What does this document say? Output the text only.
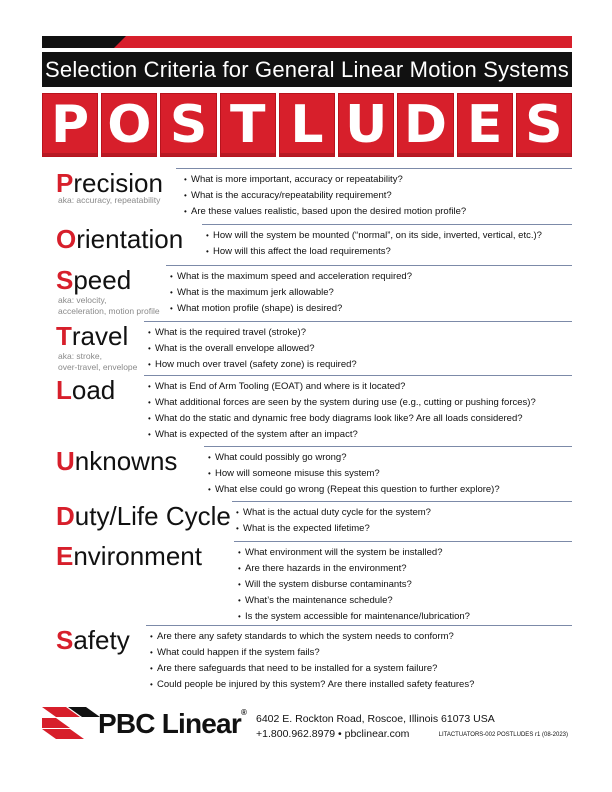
Selection Criteria for General Linear Motion Systems
P O S T L U D E S
Precision
aka: accuracy, repeatability
• What is more important, accuracy or repeatability?
• What is the accuracy/repeatability requirement?
• Are these values realistic, based upon the desired motion profile?
Orientation	• How will the system be mounted (“normal”, on its side, inverted, vertical, etc.)?
• How will this affect the load requirements?
Speed
aka: velocity,
acceleration, motion profile
• What is the maximum speed and acceleration required?
• What is the maximum jerk allowable?
• What motion profile (shape) is desired?
Travel
aka: stroke,
over-travel, envelope
• What is the required travel (stroke)?
• What is the overall envelope allowed?
• How much over travel (safety zone) is required?
Load	• What is End of Arm Tooling (EOAT) and where is it located?
• What additional forces are seen by the system during use (e.g., cutting or pushing forces)?
• What do the static and dynamic free body diagrams look like? Are all loads considered?
• What is expected of the system after an impact?
Unknowns	• What could possibly go wrong?
• How will someone misuse this system?
• What else could go wrong (Repeat this question to further explore)?
Duty/Life Cycle	• What is the actual duty cycle for the system?
• What is the expected lifetime?
Environment	• What environment will the system be installed?
• Are there hazards in the environment?
• Will the system disburse contaminants?
• What’s the maintenance schedule?
• Is the system accessible for maintenance/lubrication?
Safety	• Are there any safety standards to which the system needs to conform?
• What could happen if the system fails?
• Are there safeguards that need to be installed for a system failure?
• Could people be injured by this system? Are there installed safety features?
PBC Linear®
6402 E. Rockton Road, Roscoe, Illinois 61073 USA
+1.800.962.8979 • pbclinear.com	LITACTUATORS-002 POSTLUDES r1 (08-2023)
